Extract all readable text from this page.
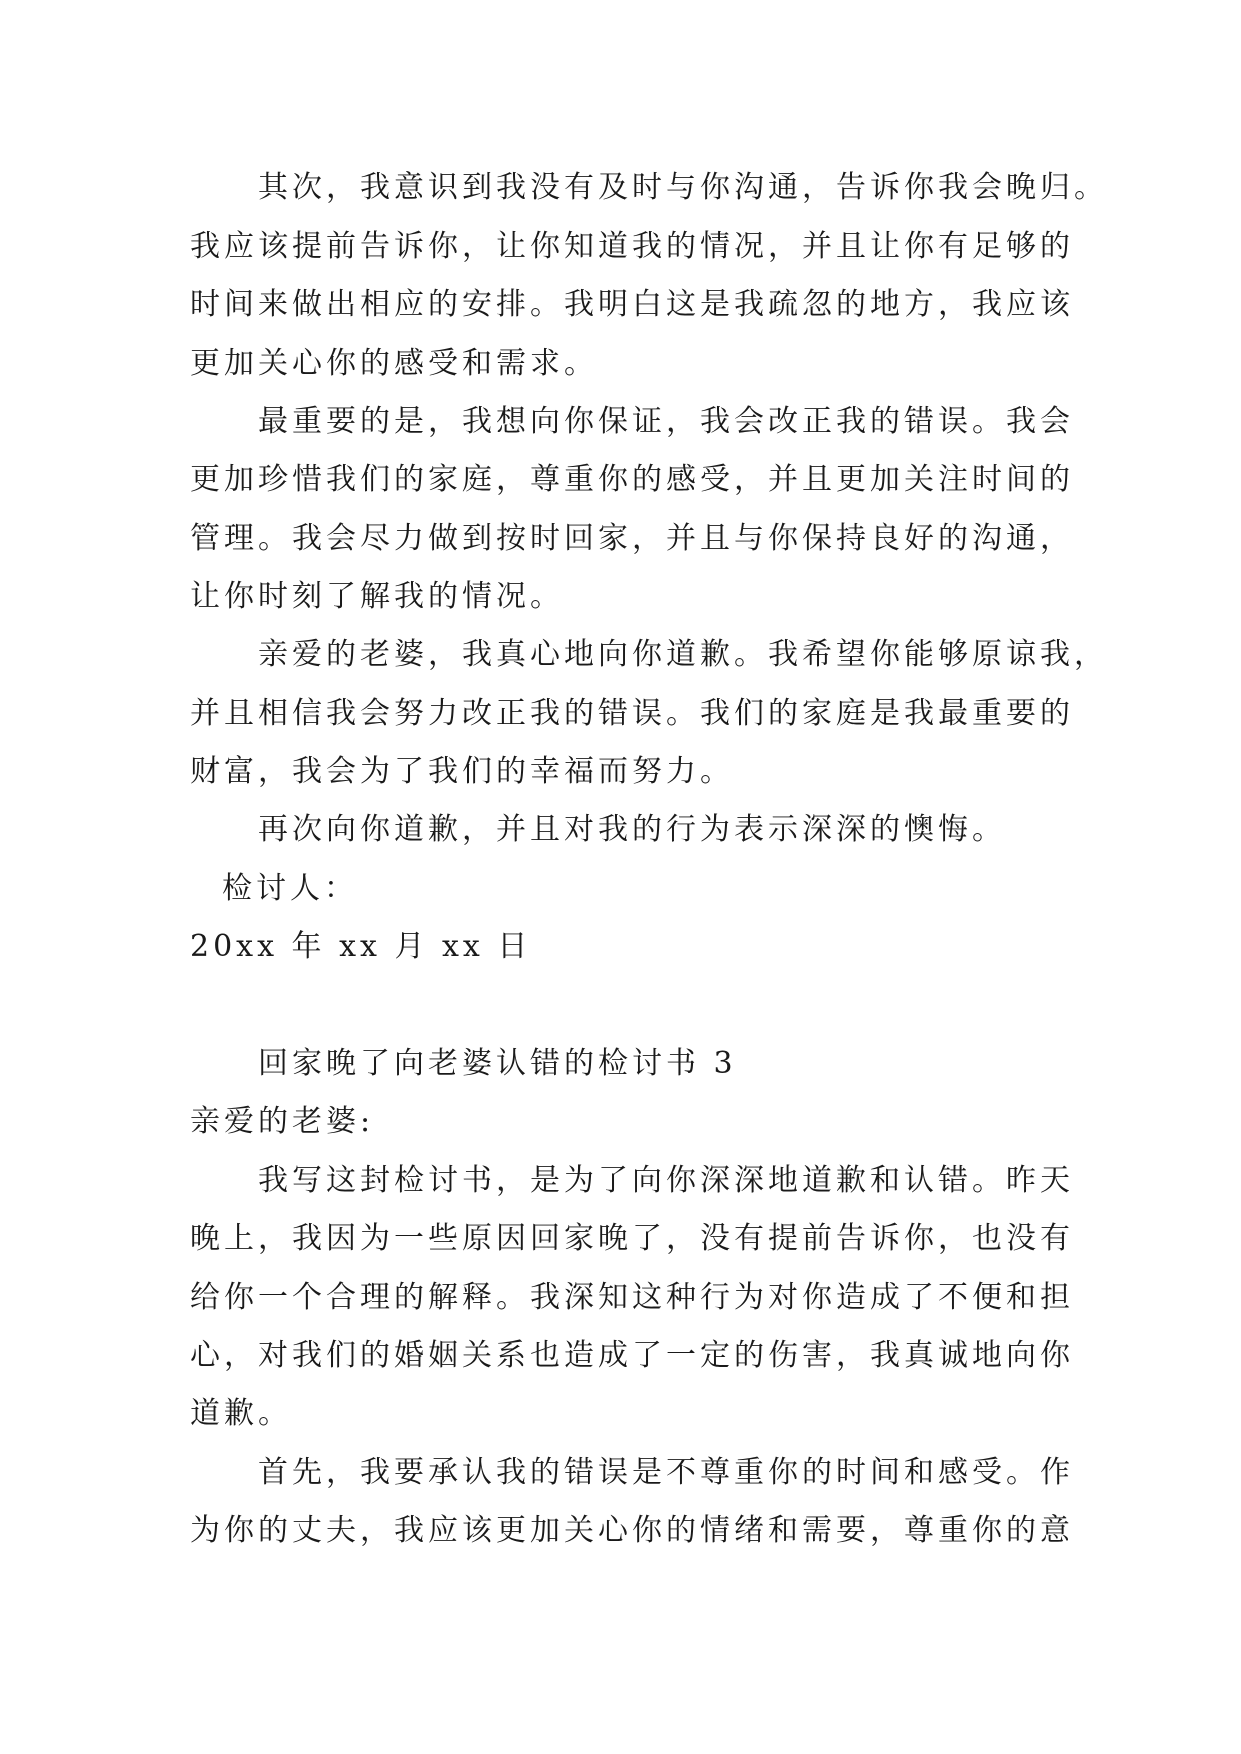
其次，我意识到我没有及时与你沟通，告诉你我会晚归。
我应该提前告诉你，让你知道我的情况，并且让你有足够的
时间来做出相应的安排。我明白这是我疏忽的地方，我应该
更加关心你的感受和需求。
最重要的是，我想向你保证，我会改正我的错误。我会
更加珍惜我们的家庭，尊重你的感受，并且更加关注时间的
管理。我会尽力做到按时回家，并且与你保持良好的沟通，
让你时刻了解我的情况。
亲爱的老婆，我真心地向你道歉。我希望你能够原谅我，
并且相信我会努力改正我的错误。我们的家庭是我最重要的
财富，我会为了我们的幸福而努力。
再次向你道歉，并且对我的行为表示深深的懊悔。
检讨人：
20xx 年 xx 月 xx 日
回家晚了向老婆认错的检讨书 3
亲爱的老婆:
我写这封检讨书，是为了向你深深地道歉和认错。昨天
晚上，我因为一些原因回家晚了，没有提前告诉你，也没有
给你一个合理的解释。我深知这种行为对你造成了不便和担
心，对我们的婚姻关系也造成了一定的伤害，我真诚地向你
道歉。
首先，我要承认我的错误是不尊重你的时间和感受。作
为你的丈夫，我应该更加关心你的情绪和需要，尊重你的意
